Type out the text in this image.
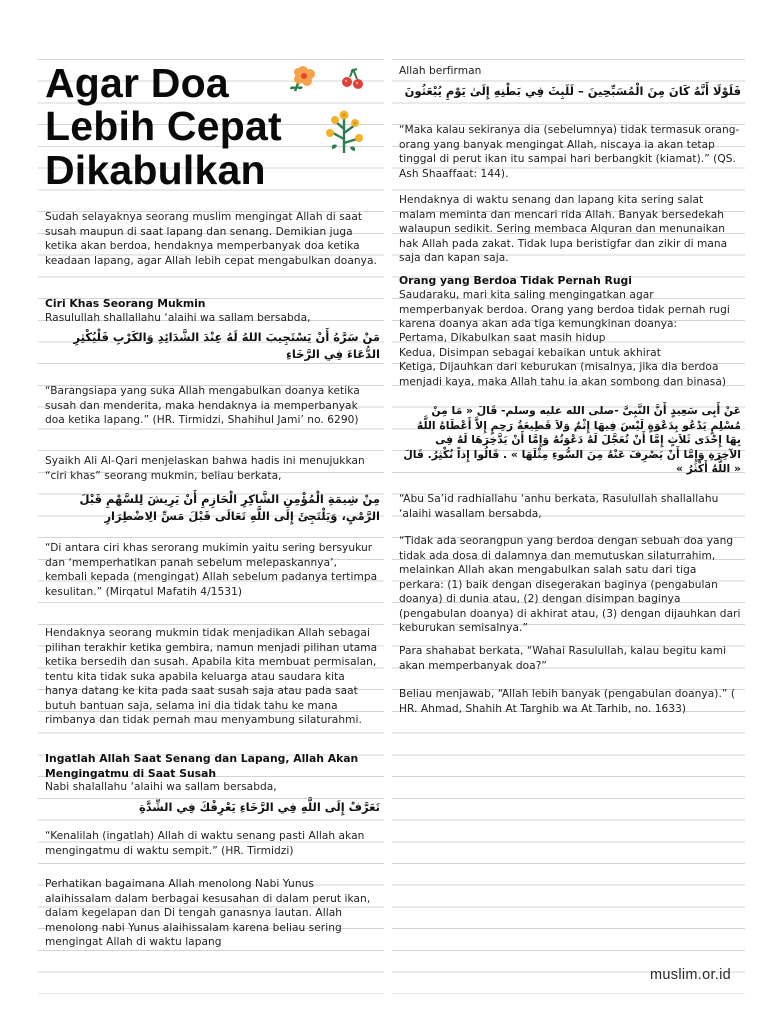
Agar Doa
Lebih Cepat
Dikabulkan

Sudah selayaknya seorang muslim mengingat Allah di saat susah maupun di saat lapang dan senang. Demikian juga ketika akan berdoa, hendaknya memperbanyak doa ketika keadaan lapang, agar Allah lebih cepat mengabulkan doanya.

Ciri Khas Seorang Mukmin

Rasulullah shallallahu ‘alaihi wa sallam bersabda,

مَنْ سَرَّهُ أَنْ يَسْتَجِيبَ اللهُ لَهُ عِنْدَ الشَّدَائِدِ وَالكَرْبِ فَلْيُكْثِرِ الدُّعَاءَ فِي الرَّخَاءِ

“Barangsiapa yang suka Allah mengabulkan doanya ketika susah dan menderita, maka hendaknya ia memperbanyak doa ketika lapang.” (HR. Tirmidzi, Shahihul Jami’ no. 6290)

Syaikh Ali Al-Qari menjelaskan bahwa hadis ini menujukkan “ciri khas” seorang mukmin, beliau berkata,

مِنْ شِيمَةِ الْمُؤْمِنِ الشَّاكِرِ الْحَازِمِ أَنْ يَرِيشَ لِلسَّهْمِ قَبْلَ الرَّمْيِ، وَيَلْتَجِئَ إِلَى اللَّهِ تَعَالَى قَبْلَ مَسِّ الِاضْطِرَارِ

“Di antara ciri khas serorang mukimin yaitu sering bersyukur dan ‘memperhatikan panah sebelum melepaskannya’, kembali kepada (mengingat) Allah sebelum padanya tertimpa kesulitan.” (Mirqatul Mafatih 4/1531)

Hendaknya seorang mukmin tidak menjadikan Allah sebagai pilihan terakhir ketika gembira, namun menjadi pilihan utama ketika bersedih dan susah. Apabila kita membuat permisalan, tentu kita tidak suka apabila keluarga atau saudara kita hanya datang ke kita pada saat susah saja atau pada saat butuh bantuan saja, selama ini dia tidak tahu ke mana rimbanya dan tidak pernah mau menyambung silaturahmi.

Ingatlah Allah Saat Senang dan Lapang, Allah Akan Mengingatmu di Saat Susah

Nabi shalallahu ‘alaihi wa sallam bersabda,

تَعَرَّفْ إِلَى اللَّهِ فِي الرَّخَاءِ يَعْرِفْكَ فِي الشِّدَّةِ

“Kenalilah (ingatlah) Allah di waktu senang pasti Allah akan mengingatmu di waktu sempit.” (HR. Tirmidzi)

Perhatikan bagaimana Allah menolong Nabi Yunus alaihissalam dalam berbagai kesusahan di dalam perut ikan, dalam kegelapan dan Di tengah ganasnya lautan. Allah menolong nabi Yunus alaihissalam karena beliau sering mengingat Allah di waktu lapang

Allah berfirman

فَلَوْلَا أَنَّهُ كَانَ مِنَ الْمُسَبِّحِينَ – لَلَبِثَ فِي بَطْنِهِ إِلَىٰ يَوْمِ يُبْعَثُونَ

“Maka kalau sekiranya dia (sebelumnya) tidak termasuk orang-orang yang banyak mengingat Allah, niscaya ia akan tetap tinggal di perut ikan itu sampai hari berbangkit (kiamat).” (QS. Ash Shaaffaat: 144).

Hendaknya di waktu senang dan lapang kita sering salat malam meminta dan mencari rida Allah. Banyak bersedekah walaupun sedikit. Sering membaca Alquran dan menunaikan hak Allah pada zakat. Tidak lupa beristigfar dan zikir di mana saja dan kapan saja.

Orang yang Berdoa Tidak Pernah Rugi

Saudaraku, mari kita saling mengingatkan agar memperbanyak berdoa. Orang yang berdoa tidak pernah rugi karena doanya akan ada tiga kemungkinan doanya:

Pertama, Dikabulkan saat masih hidup

Kedua, Disimpan sebagai kebaikan untuk akhirat

Ketiga, Dijauhkan dari keburukan (misalnya, jika dia berdoa menjadi kaya, maka Allah tahu ia akan sombong dan binasa)

عَنْ أَبِى سَعِيدٍ أَنَّ النَّبِىَّ -صلى الله عليه وسلم- قَالَ « مَا مِنْ مُسْلِمٍ يَدْعُو بِدَعْوَةٍ لَيْسَ فِيهَا إِثْمٌ وَلاَ قَطِيعَةُ رَحِمٍ إِلاَّ أَعْطَاهُ اللَّهُ بِهَا إِحْدَى ثَلاَثٍ إِمَّا أَنْ تُعَجَّلَ لَهُ دَعْوَتُهُ وَإِمَّا أَنْ يَدَّخِرَهَا لَهُ فِى الآخِرَةِ وَإِمَّا أَنْ يَصْرِفَ عَنْهُ مِنَ السُّوءِ مِثْلَهَا » . قَالُوا إِذاً نُكْثِرُ. قَالَ « اللَّهُ أَكْثَرُ »

“Abu Sa’id radhiallahu ‘anhu berkata, Rasulullah shallallahu ‘alaihi wasallam bersabda,

“Tidak ada seorangpun yang berdoa dengan sebuah doa yang tidak ada dosa di dalamnya dan memutuskan silaturrahim, melainkan Allah akan mengabulkan salah satu dari tiga perkara: (1) baik dengan disegerakan baginya (pengabulan doanya) di dunia atau, (2) dengan disimpan baginya (pengabulan doanya) di akhirat atau, (3) dengan dijauhkan dari keburukan semisalnya.”

Para shahabat berkata, “Wahai Rasulullah, kalau begitu kami akan memperbanyak doa?”

Beliau menjawab, “Allah lebih banyak (pengabulan doanya).” ( HR. Ahmad, Shahih At Targhib wa At Tarhib, no. 1633)

muslim.or.id
